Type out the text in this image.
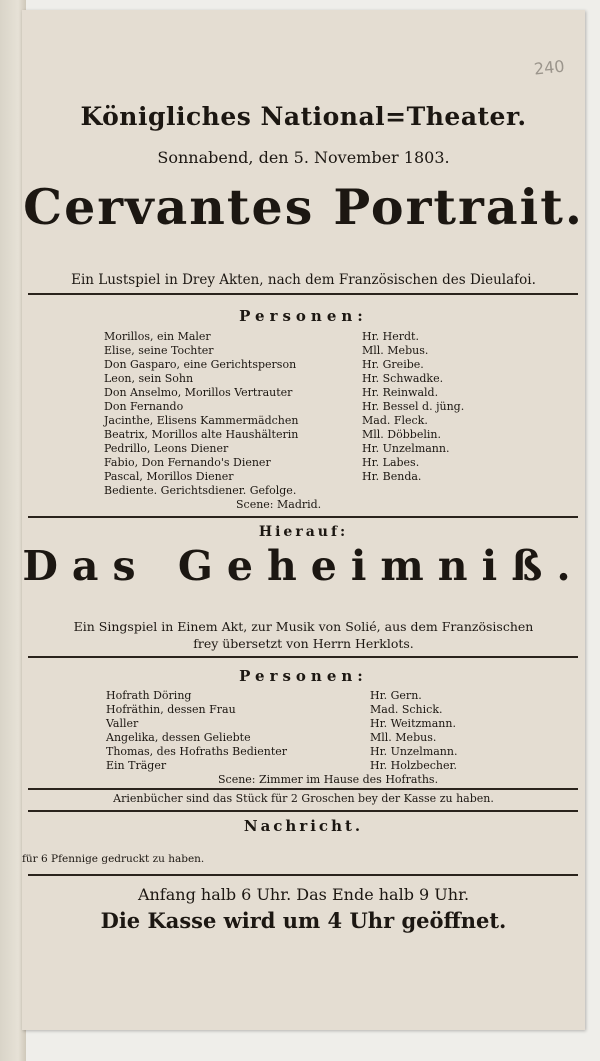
240
Königliches National=Theater.
Sonnabend, den 5. November 1803.
Cervantes Portrait.
Ein Lustspiel in Drey Akten, nach dem Französischen des Dieulafoi.
Personen:
Morillos, ein Maler	Hr. Herdt.
Elise, seine Tochter	Mll. Mebus.
Don Gasparo, eine Gerichtsperson	Hr. Greibe.
Leon, sein Sohn	Hr. Schwadke.
Don Anselmo, Morillos Vertrauter	Hr. Reinwald.
Don Fernando	Hr. Bessel d. jüng.
Jacinthe, Elisens Kammermädchen	Mad. Fleck.
Beatrix, Morillos alte Haushälterin	Mll. Döbbelin.
Pedrillo, Leons Diener	Hr. Unzelmann.
Fabio, Don Fernando's Diener	Hr. Labes.
Pascal, Morillos Diener	Hr. Benda.
Bediente. Gerichtsdiener. Gefolge.
Scene: Madrid.
Hierauf:
Das Geheimniß.
Ein Singspiel in Einem Akt, zur Musik von Solié, aus dem Französischen
frey übersetzt von Herrn Herklots.
Personen:
Hofrath Döring	Hr. Gern.
Hofräthin, dessen Frau	Mad. Schick.
Valler	Hr. Weitzmann.
Angelika, dessen Geliebte	Mll. Mebus.
Thomas, des Hofraths Bedienter	Hr. Unzelmann.
Ein Träger	Hr. Holzbecher.
Scene: Zimmer im Hause des Hofraths.
Arienbücher sind das Stück für 2 Groschen bey der Kasse zu haben.
Nachricht.
für 6 Pfennige gedruckt zu haben.
Anfang halb 6 Uhr. Das Ende halb 9 Uhr.
Die Kasse wird um 4 Uhr geöffnet.
